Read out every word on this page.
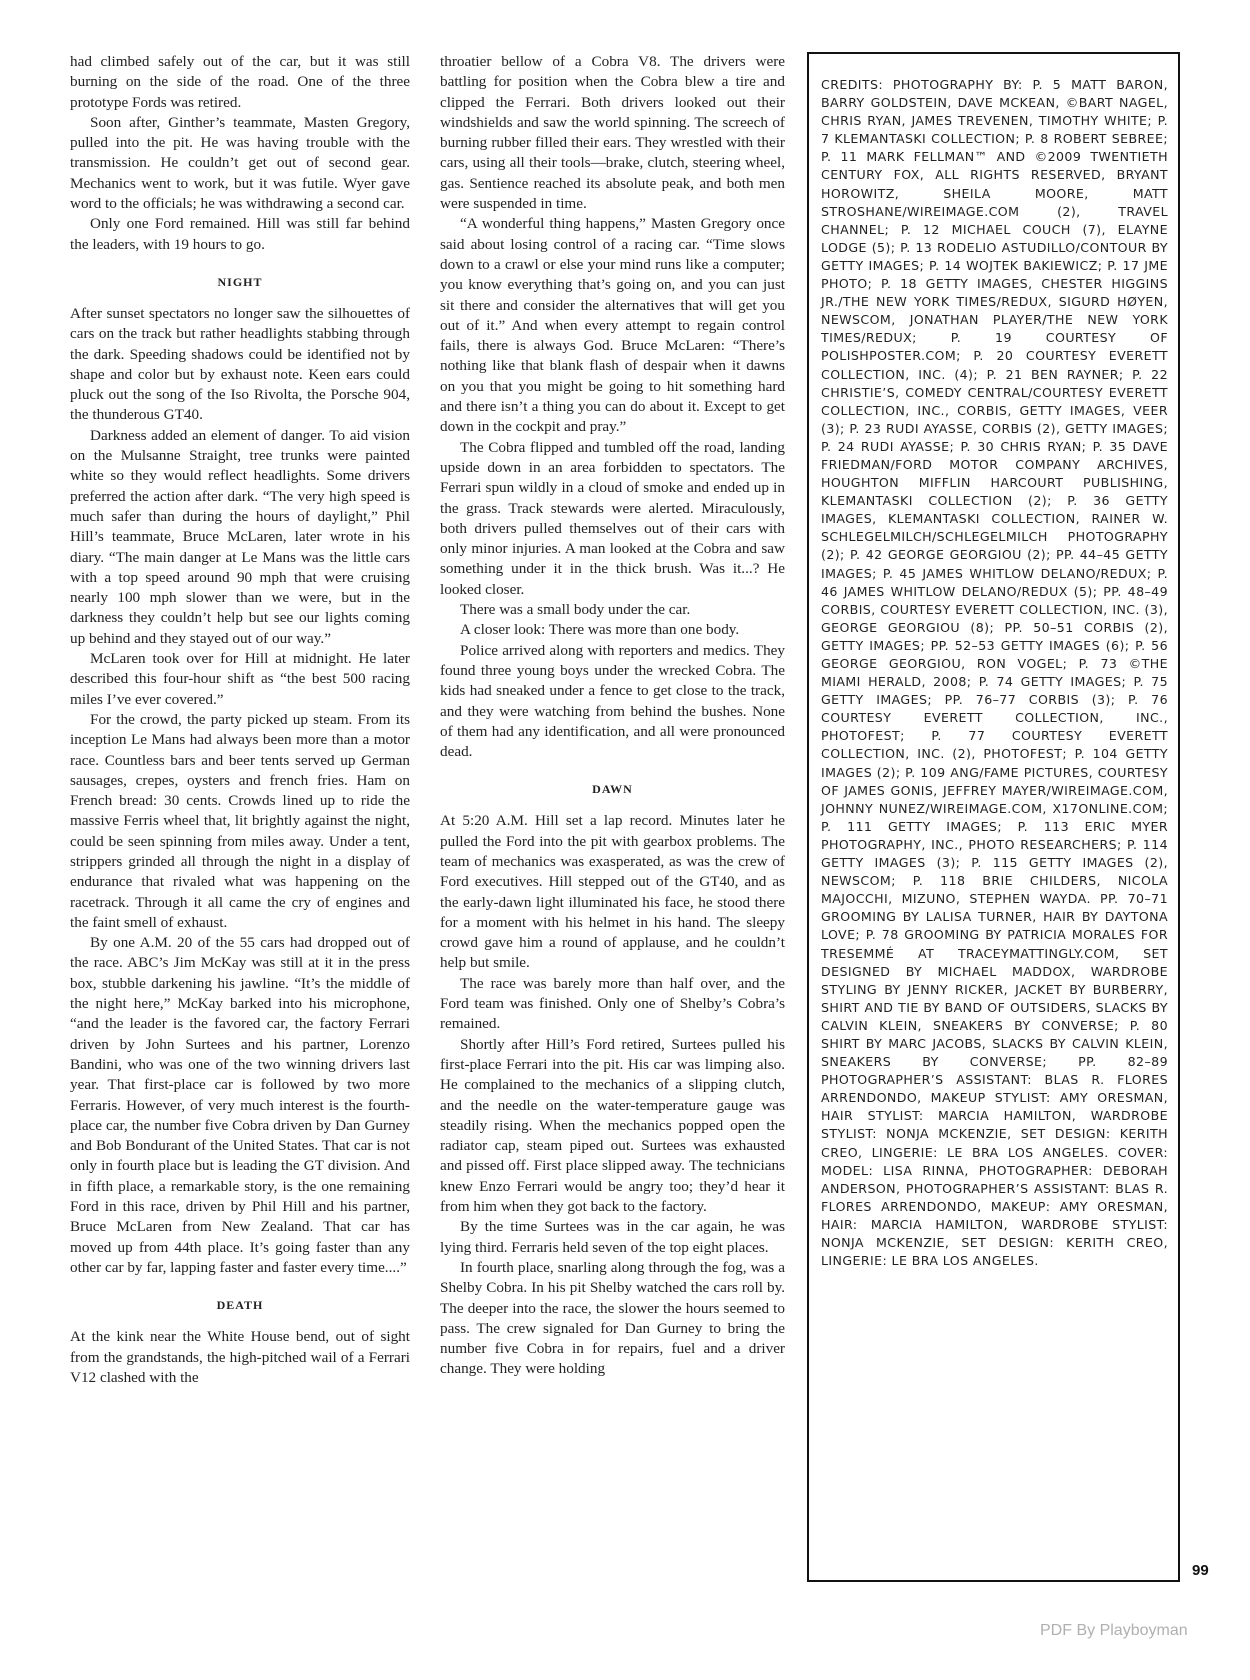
had climbed safely out of the car, but it was still burning on the side of the road. One of the three prototype Fords was retired.

Soon after, Ginther’s teammate, Masten Gregory, pulled into the pit. He was having trouble with the transmission. He couldn’t get out of second gear. Mechanics went to work, but it was futile. Wyer gave word to the officials; he was withdrawing a second car.

Only one Ford remained. Hill was still far behind the leaders, with 19 hours to go.

NIGHT

After sunset spectators no longer saw the silhouettes of cars on the track but rather headlights stabbing through the dark. Speeding shadows could be identified not by shape and color but by exhaust note. Keen ears could pluck out the song of the Iso Rivolta, the Porsche 904, the thunderous GT40.

Darkness added an element of danger. To aid vision on the Mulsanne Straight, tree trunks were painted white so they would reflect headlights. Some drivers preferred the action after dark. “The very high speed is much safer than during the hours of daylight,” Phil Hill’s teammate, Bruce McLaren, later wrote in his diary. “The main danger at Le Mans was the little cars with a top speed around 90 mph that were cruising nearly 100 mph slower than we were, but in the darkness they couldn’t help but see our lights coming up behind and they stayed out of our way.”

McLaren took over for Hill at midnight. He later described this four-hour shift as “the best 500 racing miles I’ve ever covered.”

For the crowd, the party picked up steam. From its inception Le Mans had always been more than a motor race. Countless bars and beer tents served up German sausages, crepes, oysters and french fries. Ham on French bread: 30 cents. Crowds lined up to ride the massive Ferris wheel that, lit brightly against the night, could be seen spinning from miles away. Under a tent, strippers grinded all through the night in a display of endurance that rivaled what was happening on the racetrack. Through it all came the cry of engines and the faint smell of exhaust.

By one A.M. 20 of the 55 cars had dropped out of the race. ABC’s Jim McKay was still at it in the press box, stubble darkening his jawline. “It’s the middle of the night here,” McKay barked into his microphone, “and the leader is the favored car, the factory Ferrari driven by John Surtees and his partner, Lorenzo Bandini, who was one of the two winning drivers last year. That first-place car is followed by two more Ferraris. However, of very much interest is the fourth-place car, the number five Cobra driven by Dan Gurney and Bob Bondurant of the United States. That car is not only in fourth place but is leading the GT division. And in fifth place, a remarkable story, is the one remaining Ford in this race, driven by Phil Hill and his partner, Bruce McLaren from New Zealand. That car has moved up from 44th place. It’s going faster than any other car by far, lapping faster and faster every time....”

DEATH

At the kink near the White House bend, out of sight from the grandstands, the high-pitched wail of a Ferrari V12 clashed with the

throatier bellow of a Cobra V8. The drivers were battling for position when the Cobra blew a tire and clipped the Ferrari. Both drivers looked out their windshields and saw the world spinning. The screech of burning rubber filled their ears. They wrestled with their cars, using all their tools—brake, clutch, steering wheel, gas. Sentience reached its absolute peak, and both men were suspended in time.

“A wonderful thing happens,” Masten Gregory once said about losing control of a racing car. “Time slows down to a crawl or else your mind runs like a computer; you know everything that’s going on, and you can just sit there and consider the alternatives that will get you out of it.” And when every attempt to regain control fails, there is always God. Bruce McLaren: “There’s nothing like that blank flash of despair when it dawns on you that you might be going to hit something hard and there isn’t a thing you can do about it. Except to get down in the cockpit and pray.”

The Cobra flipped and tumbled off the road, landing upside down in an area forbidden to spectators. The Ferrari spun wildly in a cloud of smoke and ended up in the grass. Track stewards were alerted. Miraculously, both drivers pulled themselves out of their cars with only minor injuries. A man looked at the Cobra and saw something under it in the thick brush. Was it...? He looked closer.

There was a small body under the car.

A closer look: There was more than one body.

Police arrived along with reporters and medics. They found three young boys under the wrecked Cobra. The kids had sneaked under a fence to get close to the track, and they were watching from behind the bushes. None of them had any identification, and all were pronounced dead.

DAWN

At 5:20 A.M. Hill set a lap record. Minutes later he pulled the Ford into the pit with gearbox problems. The team of mechanics was exasperated, as was the crew of Ford executives. Hill stepped out of the GT40, and as the early-dawn light illuminated his face, he stood there for a moment with his helmet in his hand. The sleepy crowd gave him a round of applause, and he couldn’t help but smile.

The race was barely more than half over, and the Ford team was finished. Only one of Shelby’s Cobra’s remained.

Shortly after Hill’s Ford retired, Surtees pulled his first-place Ferrari into the pit. His car was limping also. He complained to the mechanics of a slipping clutch, and the needle on the water-temperature gauge was steadily rising. When the mechanics popped open the radiator cap, steam piped out. Surtees was exhausted and pissed off. First place slipped away. The technicians knew Enzo Ferrari would be angry too; they’d hear it from him when they got back to the factory.

By the time Surtees was in the car again, he was lying third. Ferraris held seven of the top eight places.

In fourth place, snarling along through the fog, was a Shelby Cobra. In his pit Shelby watched the cars roll by. The deeper into the race, the slower the hours seemed to pass. The crew signaled for Dan Gurney to bring the number five Cobra in for repairs, fuel and a driver change. They were holding

CREDITS: PHOTOGRAPHY BY: P. 5 MATT BARON, BARRY GOLDSTEIN, DAVE MCKEAN, ©BART NAGEL, CHRIS RYAN, JAMES TREVENEN, TIMOTHY WHITE; P. 7 KLEMANTASKI COLLECTION; P. 8 ROBERT SEBREE; P. 11 MARK FELLMAN™ AND ©2009 TWENTIETH CENTURY FOX, ALL RIGHTS RESERVED, BRYANT HOROWITZ, SHEILA MOORE, MATT STROSHANE/WIREIMAGE.COM (2), TRAVEL CHANNEL; P. 12 MICHAEL COUCH (7), ELAYNE LODGE (5); P. 13 RODELIO ASTUDILLO/CONTOUR BY GETTY IMAGES; P. 14 WOJTEK BAKIEWICZ; P. 17 JME PHOTO; P. 18 GETTY IMAGES, CHESTER HIGGINS JR./THE NEW YORK TIMES/REDUX, SIGURD HØYEN, NEWSCOM, JONATHAN PLAYER/THE NEW YORK TIMES/REDUX; P. 19 COURTESY OF POLISHPOSTER.COM; P. 20 COURTESY EVERETT COLLECTION, INC. (4); P. 21 BEN RAYNER; P. 22 CHRISTIE’S, COMEDY CENTRAL/COURTESY EVERETT COLLECTION, INC., CORBIS, GETTY IMAGES, VEER (3); P. 23 RUDI AYASSE, CORBIS (2), GETTY IMAGES; P. 24 RUDI AYASSE; P. 30 CHRIS RYAN; P. 35 DAVE FRIEDMAN/FORD MOTOR COMPANY ARCHIVES, HOUGHTON MIFFLIN HARCOURT PUBLISHING, KLEMANTASKI COLLECTION (2); P. 36 GETTY IMAGES, KLEMANTASKI COLLECTION, RAINER W. SCHLEGELMILCH/SCHLEGELMILCH PHOTOGRAPHY (2); P. 42 GEORGE GEORGIOU (2); PP. 44–45 GETTY IMAGES; P. 45 JAMES WHITLOW DELANO/REDUX; P. 46 JAMES WHITLOW DELANO/REDUX (5); PP. 48–49 CORBIS, COURTESY EVERETT COLLECTION, INC. (3), GEORGE GEORGIOU (8); PP. 50–51 CORBIS (2), GETTY IMAGES; PP. 52–53 GETTY IMAGES (6); P. 56 GEORGE GEORGIOU, RON VOGEL; P. 73 ©THE MIAMI HERALD, 2008; P. 74 GETTY IMAGES; P. 75 GETTY IMAGES; PP. 76–77 CORBIS (3); P. 76 COURTESY EVERETT COLLECTION, INC., PHOTOFEST; P. 77 COURTESY EVERETT COLLECTION, INC. (2), PHOTOFEST; P. 104 GETTY IMAGES (2); P. 109 ANG/FAME PICTURES, COURTESY OF JAMES GONIS, JEFFREY MAYER/WIREIMAGE.COM, JOHNNY NUNEZ/WIREIMAGE.COM, X17ONLINE.COM; P. 111 GETTY IMAGES; P. 113 ERIC MYER PHOTOGRAPHY, INC., PHOTO RESEARCHERS; P. 114 GETTY IMAGES (3); P. 115 GETTY IMAGES (2), NEWSCOM; P. 118 BRIE CHILDERS, NICOLA MAJOCCHI, MIZUNO, STEPHEN WAYDA. PP. 70–71 GROOMING BY LALISA TURNER, HAIR BY DAYTONA LOVE; P. 78 GROOMING BY PATRICIA MORALES FOR TRESEMMÉ AT TRACEYMATTINGLY.COM, SET DESIGNED BY MICHAEL MADDOX, WARDROBE STYLING BY JENNY RICKER, JACKET BY BURBERRY, SHIRT AND TIE BY BAND OF OUTSIDERS, SLACKS BY CALVIN KLEIN, SNEAKERS BY CONVERSE; P. 80 SHIRT BY MARC JACOBS, SLACKS BY CALVIN KLEIN, SNEAKERS BY CONVERSE; PP. 82–89 PHOTOGRAPHER’S ASSISTANT: BLAS R. FLORES ARRENDONDO, MAKEUP STYLIST: AMY ORESMAN, HAIR STYLIST: MARCIA HAMILTON, WARDROBE STYLIST: NONJA MCKENZIE, SET DESIGN: KERITH CREO, LINGERIE: LE BRA LOS ANGELES. COVER: MODEL: LISA RINNA, PHOTOGRAPHER: DEBORAH ANDERSON, PHOTOGRAPHER’S ASSISTANT: BLAS R. FLORES ARRENDONDO, MAKEUP: AMY ORESMAN, HAIR: MARCIA HAMILTON, WARDROBE STYLIST: NONJA MCKENZIE, SET DESIGN: KERITH CREO, LINGERIE: LE BRA LOS ANGELES.
99
PDF By Playboyman
